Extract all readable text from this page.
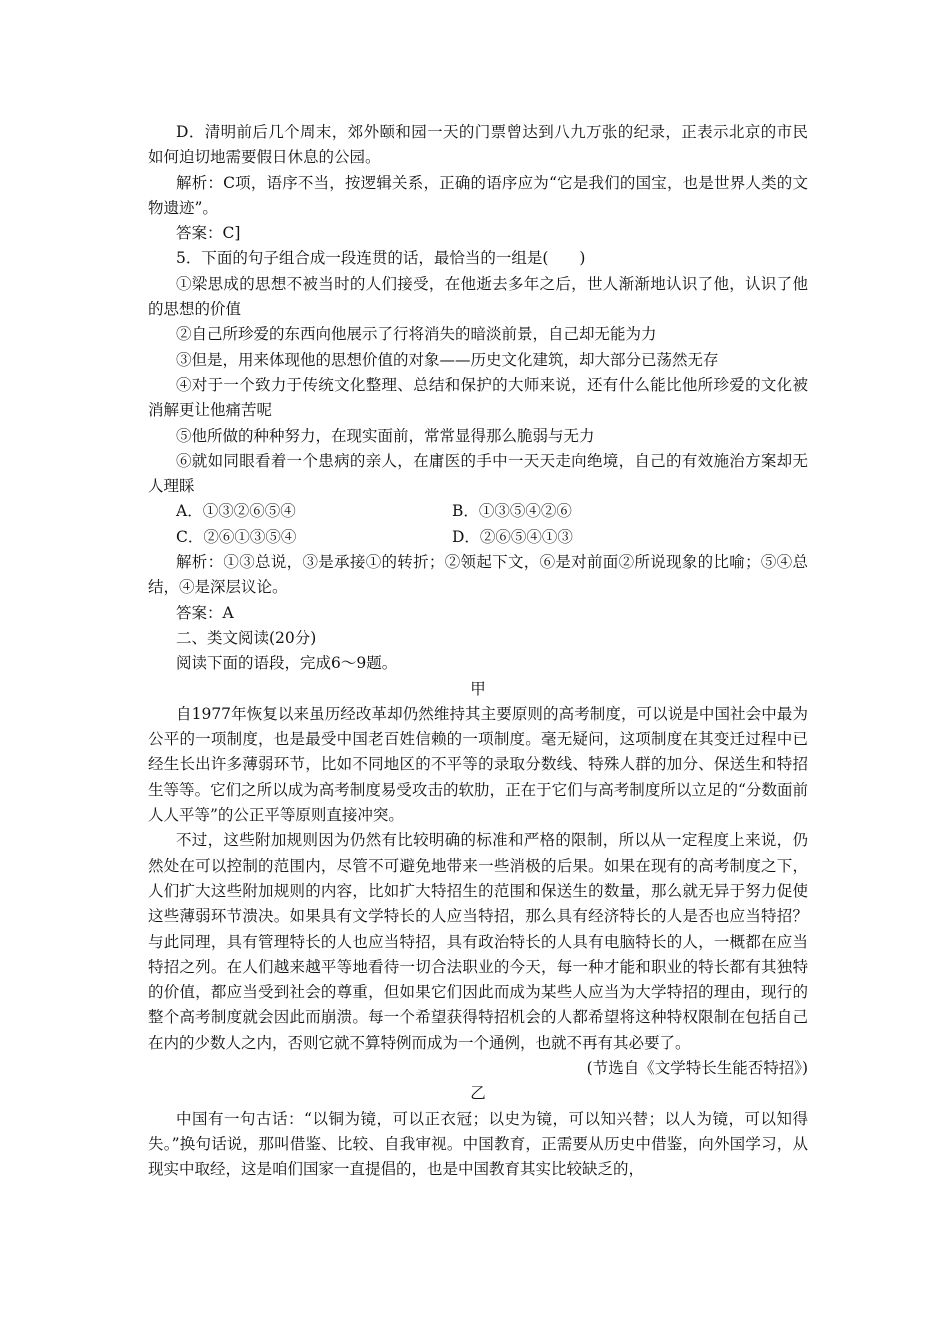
D．清明前后几个周末，郊外颐和园一天的门票曾达到八九万张的纪录，正表示北京的市民如何迫切地需要假日休息的公园。

解析：C项，语序不当，按逻辑关系，正确的语序应为“它是我们的国宝，也是世界人类的文物遗迹”。

答案：C]

5．下面的句子组合成一段连贯的话，最恰当的一组是(　　)

①梁思成的思想不被当时的人们接受，在他逝去多年之后，世人渐渐地认识了他，认识了他的思想的价值

②自己所珍爱的东西向他展示了行将消失的暗淡前景，自己却无能为力

③但是，用来体现他的思想价值的对象——历史文化建筑，却大部分已荡然无存

④对于一个致力于传统文化整理、总结和保护的大师来说，还有什么能比他所珍爱的文化被消解更让他痛苦呢

⑤他所做的种种努力，在现实面前，常常显得那么脆弱与无力

⑥就如同眼看着一个患病的亲人，在庸医的手中一天天走向绝境，自己的有效施治方案却无人理睬

A．①③②⑥⑤④	B．①③⑤④②⑥
C．②⑥①③⑤④	D．②⑥⑤④①③

解析：①③总说，③是承接①的转折；②领起下文，⑥是对前面②所说现象的比喻；⑤④总结，④是深层议论。

答案：A

二、类文阅读(20分)

阅读下面的语段，完成6～9题。

甲

自1977年恢复以来虽历经改革却仍然维持其主要原则的高考制度，可以说是中国社会中最为公平的一项制度，也是最受中国老百姓信赖的一项制度。毫无疑问，这项制度在其变迁过程中已经生长出许多薄弱环节，比如不同地区的不平等的录取分数线、特殊人群的加分、保送生和特招生等等。它们之所以成为高考制度易受攻击的软肋，正在于它们与高考制度所以立足的“分数面前人人平等”的公正平等原则直接冲突。

不过，这些附加规则因为仍然有比较明确的标准和严格的限制，所以从一定程度上来说，仍然处在可以控制的范围内，尽管不可避免地带来一些消极的后果。如果在现有的高考制度之下，人们扩大这些附加规则的内容，比如扩大特招生的范围和保送生的数量，那么就无异于努力促使这些薄弱环节溃决。如果具有文学特长的人应当特招，那么具有经济特长的人是否也应当特招？与此同理，具有管理特长的人也应当特招，具有政治特长的人具有电脑特长的人，一概都在应当特招之列。在人们越来越平等地看待一切合法职业的今天，每一种才能和职业的特长都有其独特的价值，都应当受到社会的尊重，但如果它们因此而成为某些人应当为大学特招的理由，现行的整个高考制度就会因此而崩溃。每一个希望获得特招机会的人都希望将这种特权限制在包括自己在内的少数人之内，否则它就不算特例而成为一个通例，也就不再有其必要了。

(节选自《文学特长生能否特招》)

乙

中国有一句古话：“以铜为镜，可以正衣冠；以史为镜，可以知兴替；以人为镜，可以知得失。”换句话说，那叫借鉴、比较、自我审视。中国教育，正需要从历史中借鉴，向外国学习，从现实中取经，这是咱们国家一直提倡的，也是中国教育其实比较缺乏的，
